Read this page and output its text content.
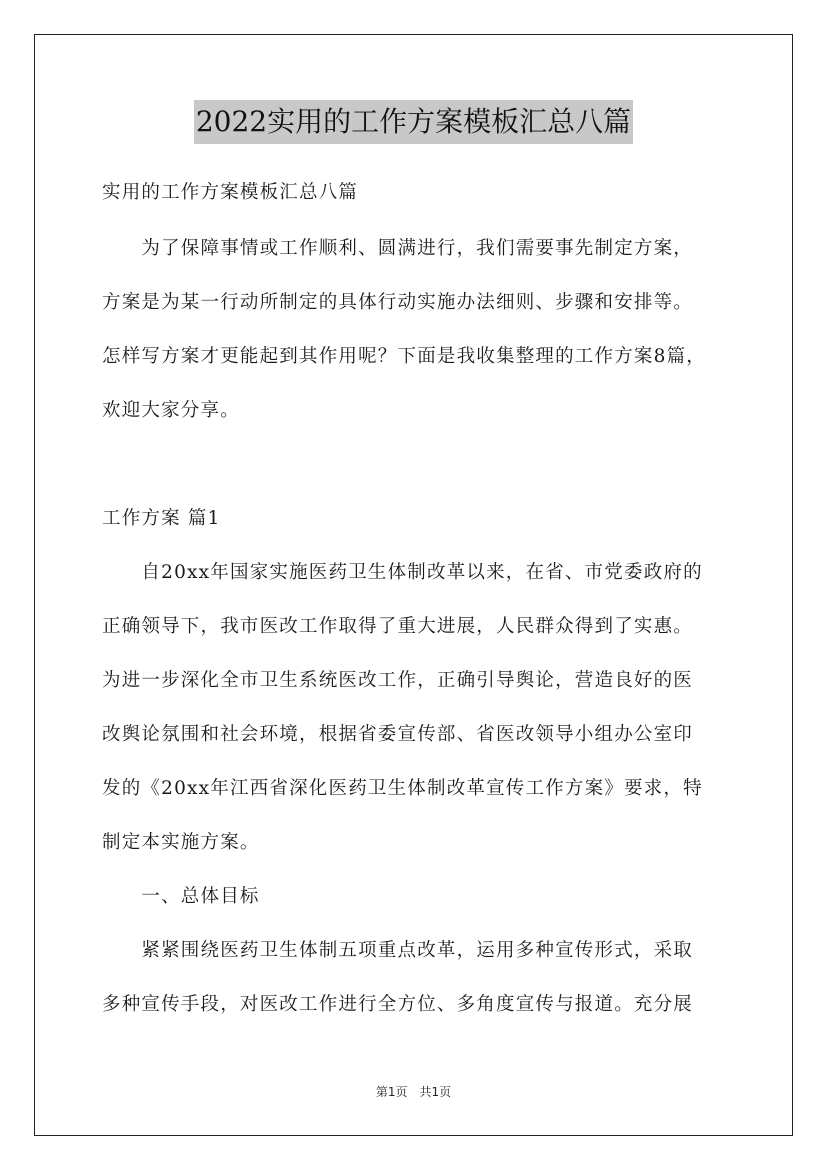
2022实用的工作方案模板汇总八篇
实用的工作方案模板汇总八篇
　　为了保障事情或工作顺利、圆满进行，我们需要事先制定方案，
方案是为某一行动所制定的具体行动实施办法细则、步骤和安排等。
怎样写方案才更能起到其作用呢？下面是我收集整理的工作方案8篇，
欢迎大家分享。
工作方案 篇1
　　自20xx年国家实施医药卫生体制改革以来，在省、市党委政府的
正确领导下，我市医改工作取得了重大进展，人民群众得到了实惠。
为进一步深化全市卫生系统医改工作，正确引导舆论，营造良好的医
改舆论氛围和社会环境，根据省委宣传部、省医改领导小组办公室印
发的《20xx年江西省深化医药卫生体制改革宣传工作方案》要求，特
制定本实施方案。
　　一、总体目标
　　紧紧围绕医药卫生体制五项重点改革，运用多种宣传形式，采取
多种宣传手段，对医改工作进行全方位、多角度宣传与报道。充分展
第1页　共1页
